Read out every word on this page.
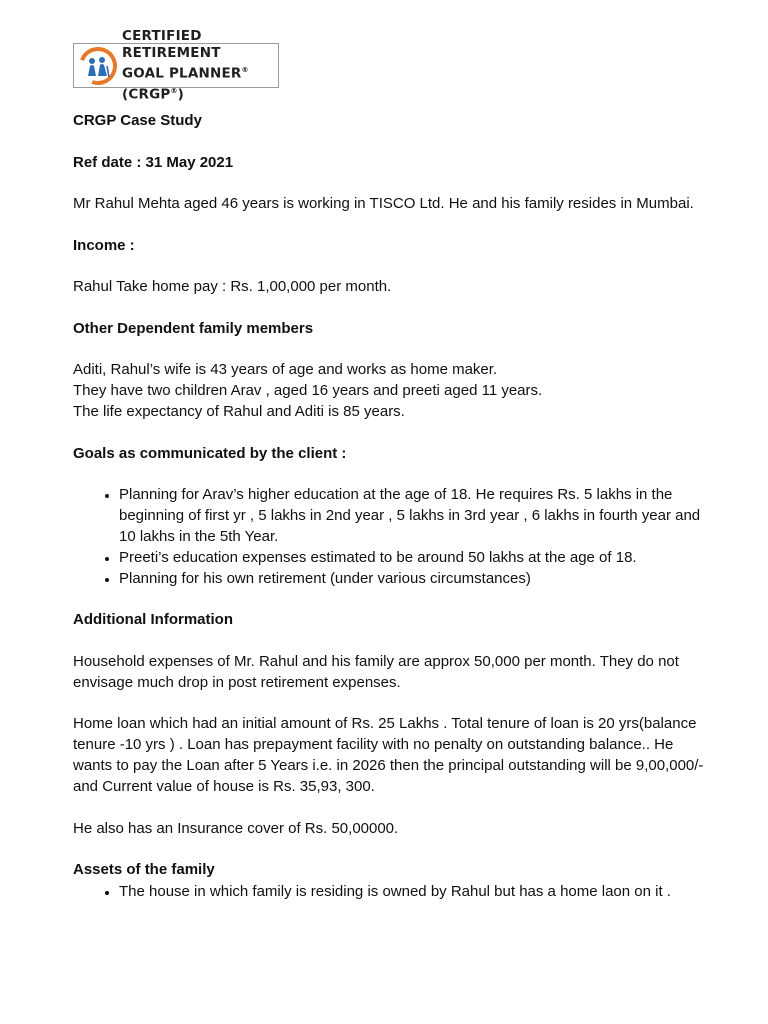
CERTIFIED RETIREMENT
GOAL PLANNER® (CRGP®)

CRGP Case Study

Ref date : 31 May 2021

Mr Rahul Mehta aged 46 years is working in TISCO Ltd. He and his family resides in Mumbai.

Income :

Rahul Take home pay : Rs. 1,00,000 per month.

Other Dependent family members

Aditi, Rahul’s wife is 43 years of age and works as home maker.
They have two children Arav , aged 16 years and preeti aged 11 years.
The life expectancy of Rahul and Aditi is 85 years.

Goals as communicated by the client :

• Planning for Arav’s higher education at the age of 18. He requires Rs. 5 lakhs in the beginning of first yr , 5 lakhs in 2nd year , 5 lakhs in 3rd year , 6 lakhs in fourth year and 10 lakhs in the 5th Year.
• Preeti’s education expenses estimated to be around 50 lakhs at the age of 18.
• Planning for his own retirement (under various circumstances)

Additional Information

Household expenses of Mr. Rahul and his family are approx 50,000 per month. They do not envisage much drop in post retirement expenses.

Home loan which had an initial amount of Rs. 25 Lakhs . Total tenure of loan is 20 yrs(balance tenure -10 yrs ) . Loan has prepayment facility with no penalty on outstanding balance.. He wants to pay the Loan after 5 Years i.e. in 2026 then the principal outstanding will be 9,00,000/- and Current value of house is Rs. 35,93, 300.

He also has an Insurance cover of Rs. 50,00000.

Assets of the family

• The house in which family is residing is owned by Rahul but has a home laon on it .
